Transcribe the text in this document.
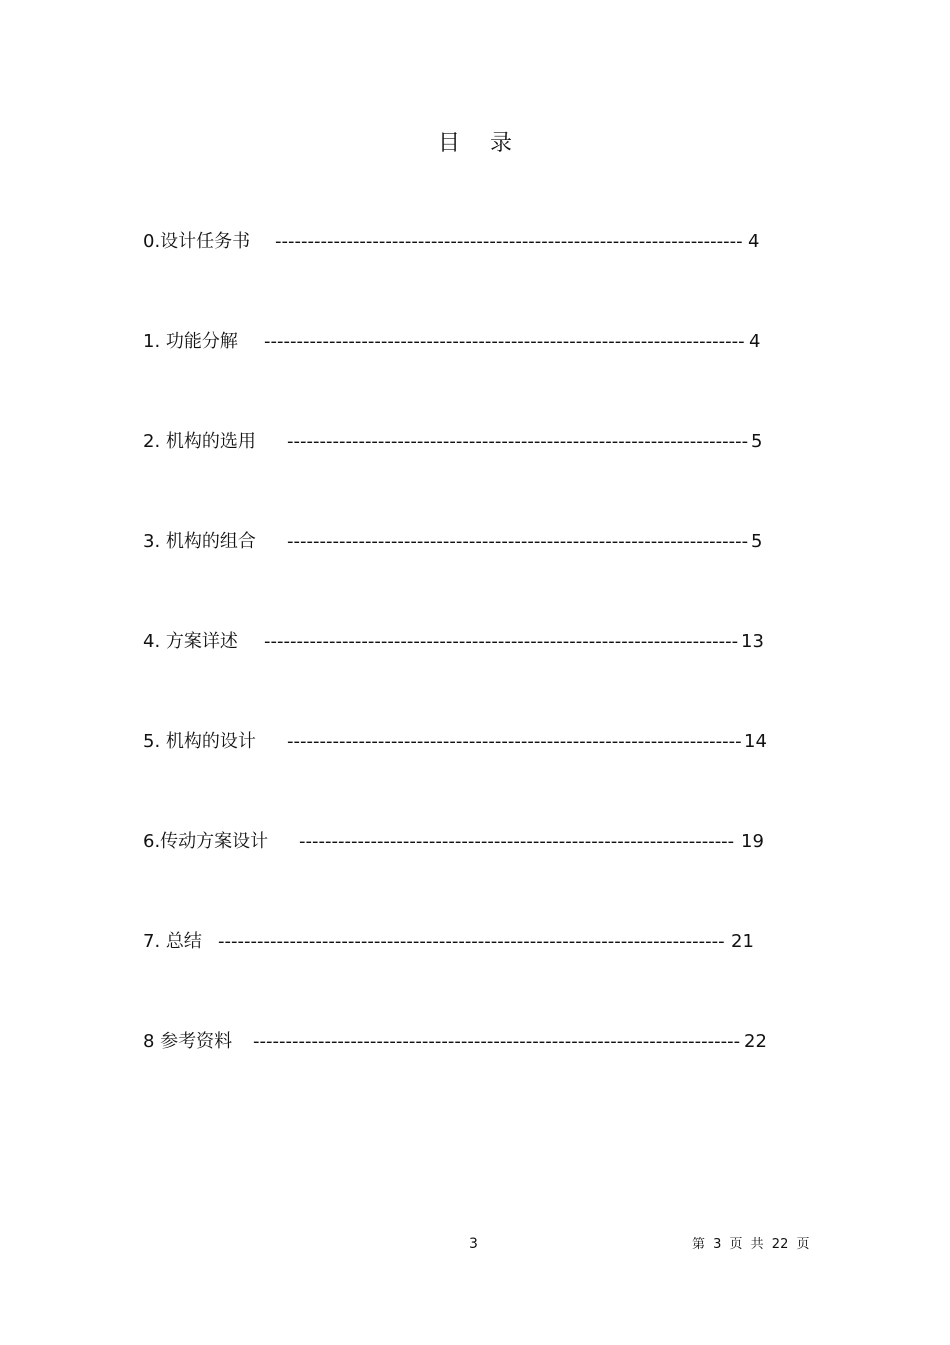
目 录
0.设计任务书 ------------------------------------------------------------------------ 4
1. 功能分解 -------------------------------------------------------------------------- 4
2. 机构的选用 ----------------------------------------------------------------------- 5
3. 机构的组合 ----------------------------------------------------------------------- 5
4. 方案详述 ------------------------------------------------------------------------- 13
5. 机构的设计 ---------------------------------------------------------------------- 14
6.传动方案设计 ------------------------------------------------------------------- 19
7. 总结 ------------------------------------------------------------------------------ 21
8 参考资料 --------------------------------------------------------------------------- 22
3	第 3 页 共 22 页
